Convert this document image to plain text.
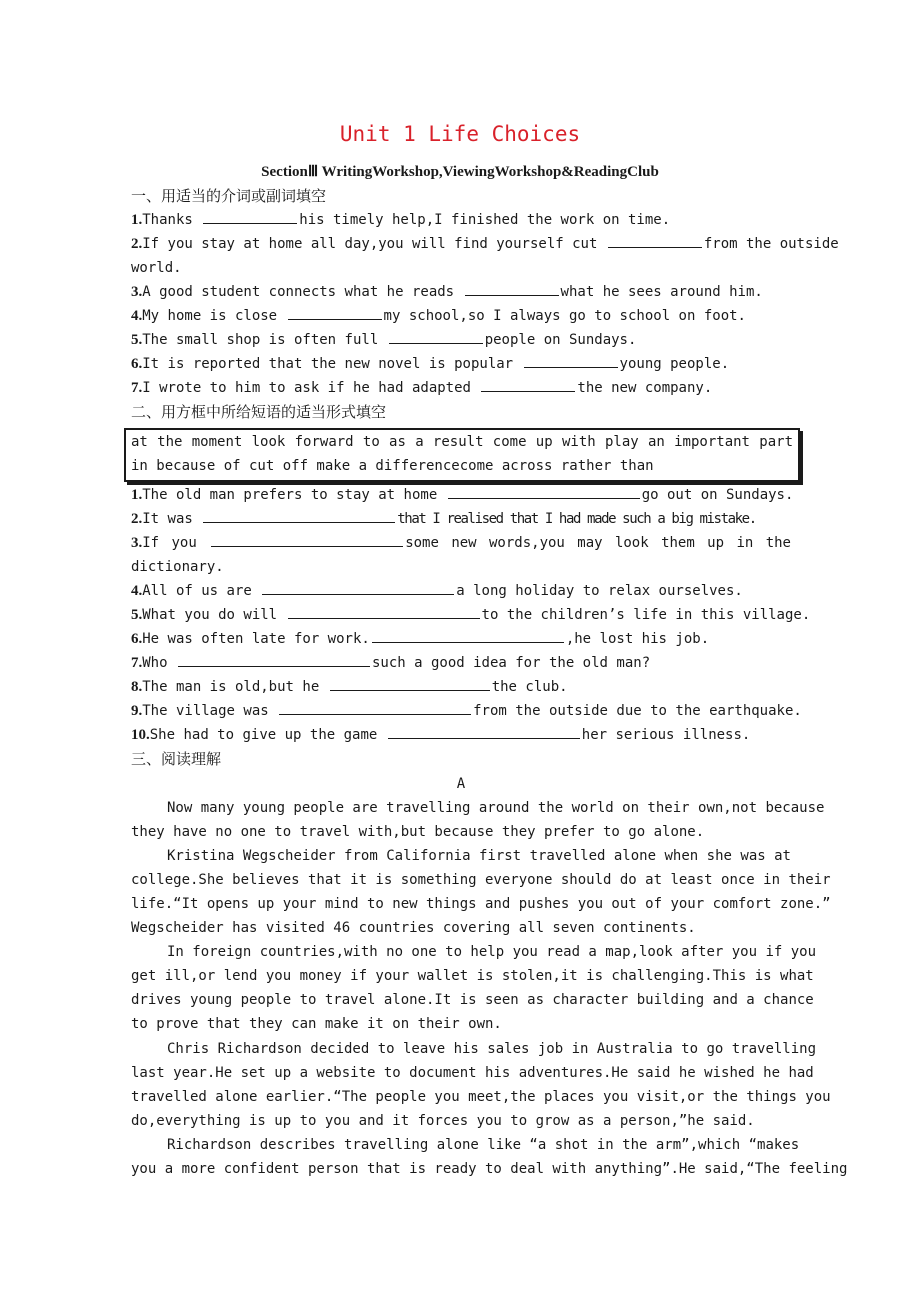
Unit 1 Life Choices
SectionⅢ WritingWorkshop,ViewingWorkshop&ReadingClub
一、用适当的介词或副词填空
1.Thanks	his timely help,I finished the work on time.
2.If you stay at home all day,you will find yourself cut	from the outside
world.
3.A good student connects what he reads	what he sees around him.
4.My home is close	my school,so I always go to school on foot.
5.The small shop is often full	people on Sundays.
6.It is reported that the new novel is popular	young people.
7.I wrote to him to ask if he had adapted	the new company.
二、用方框中所给短语的适当形式填空
at the moment look forward to as a result come up with play an important part
in because of cut off make a differencecome across rather than
1.The old man prefers to stay at home	go out on Sundays.
2.It was	that I realised that I had made such a big mistake.
3.If you	some new words,you may look them up in the
dictionary.
4.All of us are	a long holiday to relax ourselves.
5.What you do will	to the children’s life in this village.
6.He was often late for work.	,he lost his job.
7.Who	such a good idea for the old man?
8.The man is old,but he	the club.
9.The village was	from the outside due to the earthquake.
10.She had to give up the game	her serious illness.
三、阅读理解
A
Now many young people are travelling around the world on their own,not because
they have no one to travel with,but because they prefer to go alone.
Kristina Wegscheider from California first travelled alone when she was at
college.She believes that it is something everyone should do at least once in their
life.“It opens up your mind to new things and pushes you out of your comfort zone.”
Wegscheider has visited 46 countries covering all seven continents.
In foreign countries,with no one to help you read a map,look after you if you
get ill,or lend you money if your wallet is stolen,it is challenging.This is what
drives young people to travel alone.It is seen as character building and a chance
to prove that they can make it on their own.
Chris Richardson decided to leave his sales job in Australia to go travelling
last year.He set up a website to document his adventures.He said he wished he had
travelled alone earlier.“The people you meet,the places you visit,or the things you
do,everything is up to you and it forces you to grow as a person,”he said.
Richardson describes travelling alone like “a shot in the arm”,which “makes
you a more confident person that is ready to deal with anything”.He said,“The feeling
